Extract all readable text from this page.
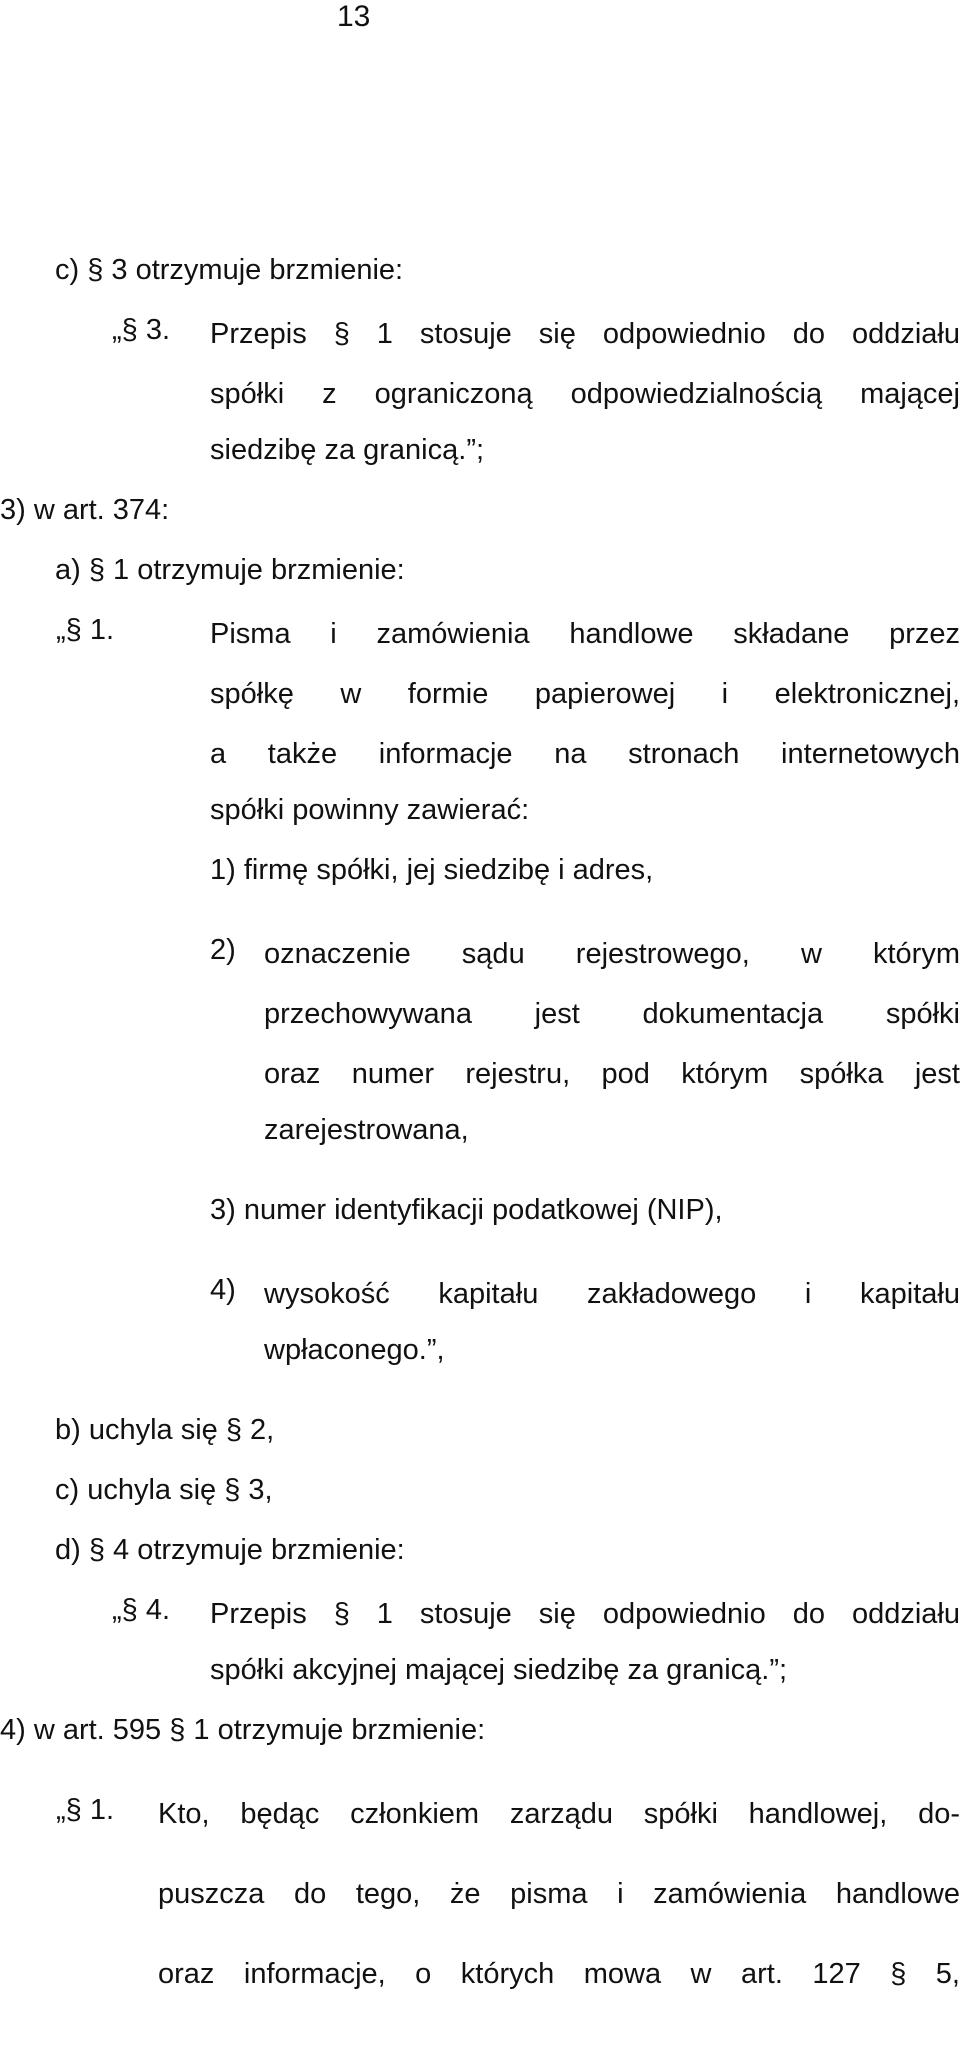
13
c) § 3 otrzymuje brzmienie:
„§ 3. Przepis § 1 stosuje się odpowiednio do oddziału
spółki z ograniczoną odpowiedzialnością mającej
siedzibę za granicą.”;
3) w art. 374:
a) § 1 otrzymuje brzmienie:
„§ 1.	Pisma i zamówienia handlowe składane przez
spółkę w formie papierowej i elektronicznej,
a także informacje na stronach internetowych
spółki powinny zawierać:
1) firmę spółki, jej siedzibę i adres,
2) oznaczenie sądu rejestrowego, w którym
przechowywana jest dokumentacja spółki
oraz numer rejestru, pod którym spółka jest
zarejestrowana,
3) numer identyfikacji podatkowej (NIP),
4) wysokość kapitału zakładowego i kapitału
wpłaconego.”,
b) uchyla się § 2,
c) uchyla się § 3,
d) § 4 otrzymuje brzmienie:
„§ 4. Przepis § 1 stosuje się odpowiednio do oddziału
spółki akcyjnej mającej siedzibę za granicą.”;
4) w art. 595 § 1 otrzymuje brzmienie:
„§ 1. Kto, będąc członkiem zarządu spółki handlowej, do-
puszcza do tego, że pisma i zamówienia handlowe
oraz informacje, o których mowa w art. 127 § 5,
